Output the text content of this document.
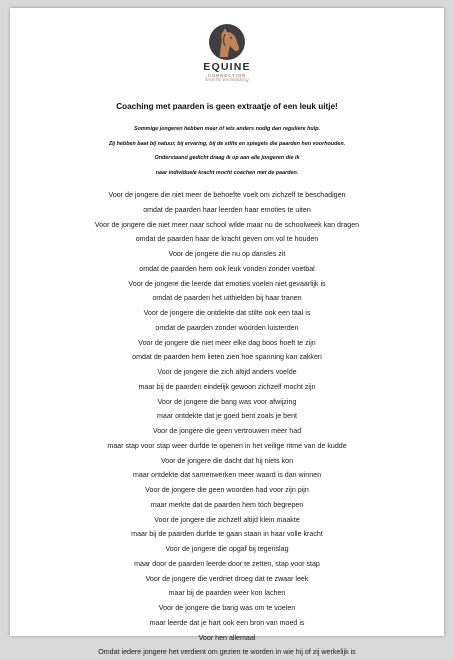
EQUINE
CONNECTION
kracht verbinding
Coaching met paarden is geen extraatje of een leuk uitje!
Sommige jongeren hebben meer óf iets anders nodig dan reguliere hulp.
Zij hebben baat bij natuur, bij ervaring, bij de stilte en spiegels die paarden hen voorhouden.
Onderstaand gedicht draag ik op aan alle jongeren die ik
naar individuele kracht mocht coachen met de paarden.
Voor de jongere die niet meer de behoefte voelt om zichzelf te beschadigen
omdat de paarden haar leerden haar emoties te uiten
Voor de jongere die niet meer naar school wilde maar nu de schoolweek kan dragen
omdat de paarden haar de kracht geven om vol te houden
Voor de jongere die nu op dansles zit
omdat de paarden hem ook leuk vonden zonder voetbal
Voor de jongere die leerde dat emoties voelen niet gevaarlijk is
omdat de paarden het uithielden bij haar tranen
Voor de jongere die ontdekte dat stilte ook een taal is
omdat de paarden zonder woorden luisterden
Voor de jongere die niet meer elke dag boos hoeft te zijn
omdat de paarden hem lieten zien hoe spanning kan zakken
Voor de jongere die zich altijd anders voelde
maar bij de paarden eindelijk gewoon zichzelf mocht zijn
Voor de jongere die bang was voor afwijzing
maar ontdekte dat je goed bent zoals je bent
Voor de jongere die geen vertrouwen meer had
maar stap voor stap weer durfde te openen in het veilige ritme van de kudde
Voor de jongere die dacht dat hij niets kon
maar ontdekte dat samenwerken meer waard is dan winnen
Voor de jongere die geen woorden had voor zijn pijn
maar merkte dat de paarden hem tóch begrepen
Voor de jongere die zichzelf altijd klein maakte
maar bij de paarden durfde te gaan staan in haar volle kracht
Voor de jongere die opgaf bij tegenslag
maar door de paarden leerde door te zetten, stap voor stap
Voor de jongere die verdriet droeg dat te zwaar leek
maar bij de paarden weer kon lachen
Voor de jongere die bang was om te voelen
maar leerde dat je hart ook een bron van moed is
Voor hen allemaal
Omdat iedere jongere het verdient om gezien te worden in wie hij of zij werkelijk is
